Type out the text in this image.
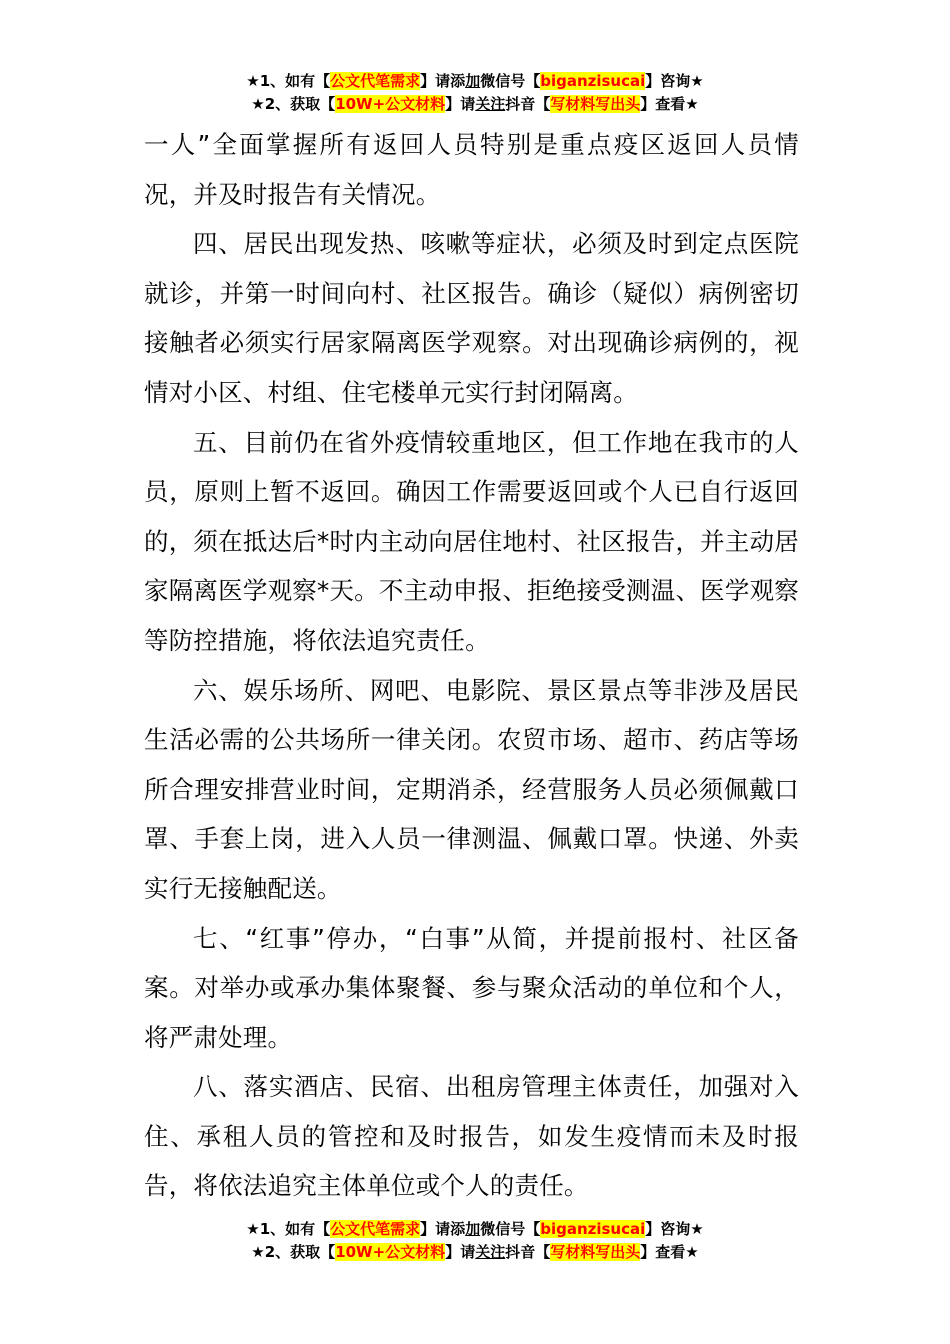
★1、如有【公文代笔需求】请添加微信号【biganzisucai】咨询★
★2、获取【10W+公文材料】请关注抖音【写材料写出头】查看★

一人”全面掌握所有返回人员特别是重点疫区返回人员情况，并及时报告有关情况。

四、居民出现发热、咳嗽等症状，必须及时到定点医院就诊，并第一时间向村、社区报告。确诊（疑似）病例密切接触者必须实行居家隔离医学观察。对出现确诊病例的，视情对小区、村组、住宅楼单元实行封闭隔离。

五、目前仍在省外疫情较重地区，但工作地在我市的人员，原则上暂不返回。确因工作需要返回或个人已自行返回的，须在抵达后*时内主动向居住地村、社区报告，并主动居家隔离医学观察*天。不主动申报、拒绝接受测温、医学观察等防控措施，将依法追究责任。

六、娱乐场所、网吧、电影院、景区景点等非涉及居民生活必需的公共场所一律关闭。农贸市场、超市、药店等场所合理安排营业时间，定期消杀，经营服务人员必须佩戴口罩、手套上岗，进入人员一律测温、佩戴口罩。快递、外卖实行无接触配送。

七、“红事”停办，“白事”从简，并提前报村、社区备案。对举办或承办集体聚餐、参与聚众活动的单位和个人，将严肃处理。

八、落实酒店、民宿、出租房管理主体责任，加强对入住、承租人员的管控和及时报告，如发生疫情而未及时报告，将依法追究主体单位或个人的责任。

★1、如有【公文代笔需求】请添加微信号【biganzisucai】咨询★
★2、获取【10W+公文材料】请关注抖音【写材料写出头】查看★
